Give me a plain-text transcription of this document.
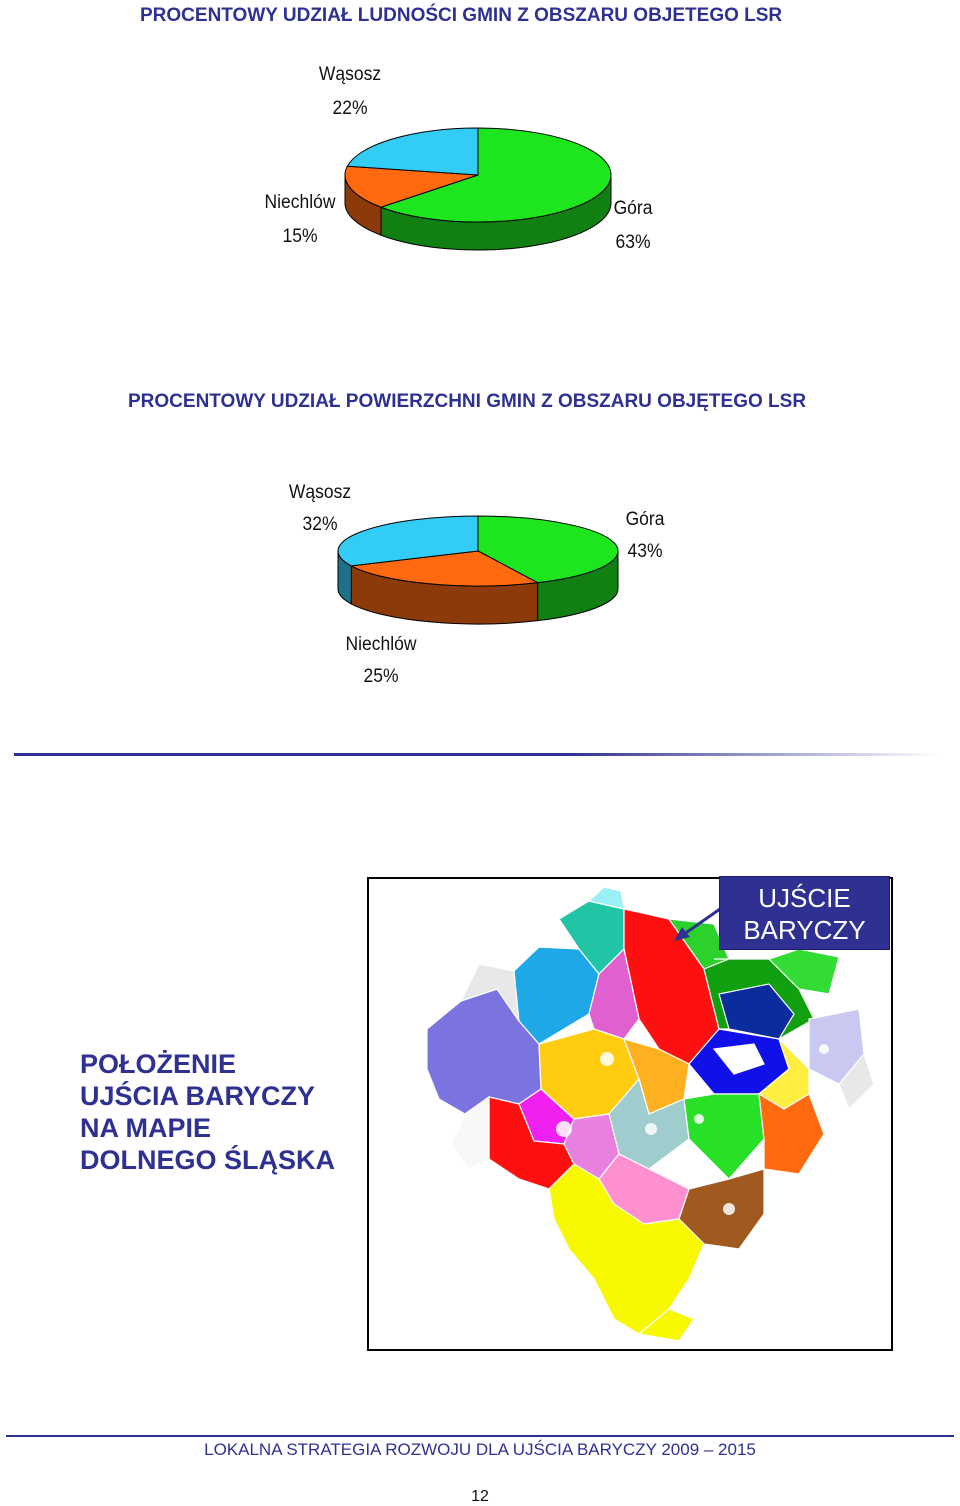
PROCENTOWY UDZIAŁ LUDNOŚCI GMIN Z OBSZARU OBJETEGO LSR
Wąsosz
22%
Niechlów
15%
Góra
63%
PROCENTOWY UDZIAŁ POWIERZCHNI GMIN Z OBSZARU OBJĘTEGO LSR
Wąsosz
32%	Góra
43%
Niechlów
25%
UJŚCIE
BARYCZY
POŁOŻENIE
UJŚCIA BARYCZY
NA MAPIE
DOLNEGO ŚLĄSKA
LOKALNA STRATEGIA ROZWOJU DLA UJŚCIA BARYCZY 2009 – 2015
12
